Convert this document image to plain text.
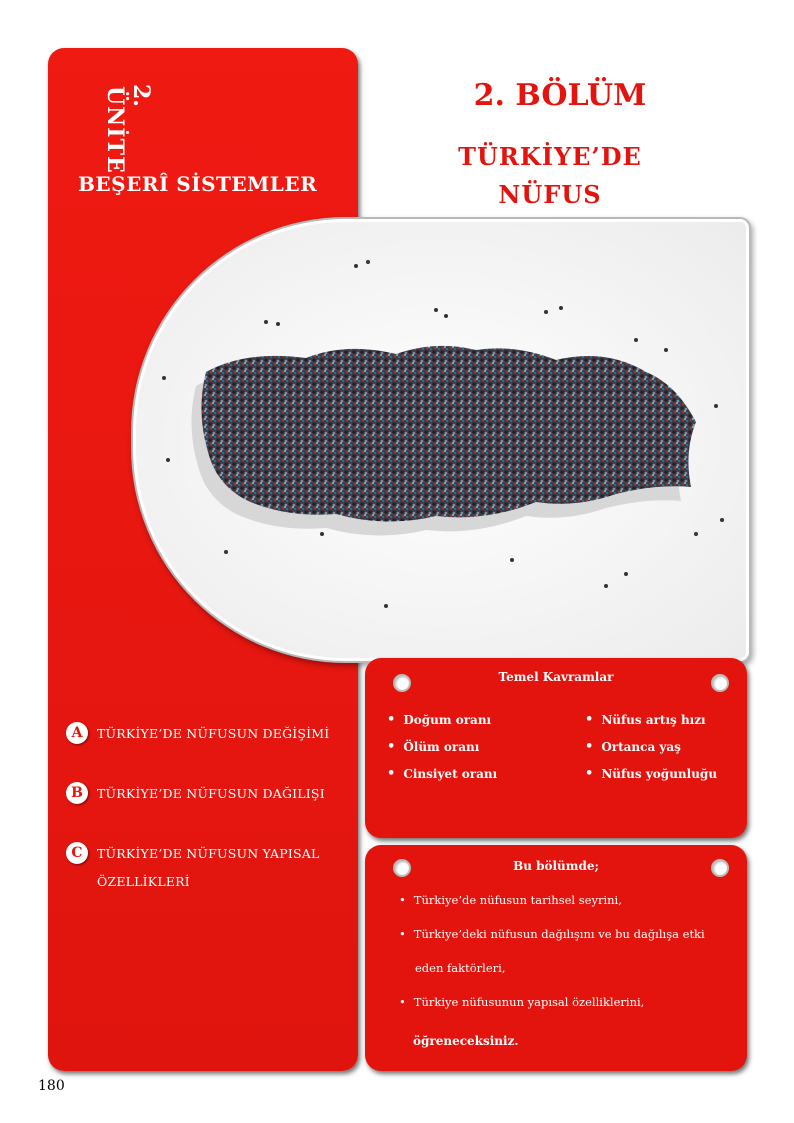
2.
ÜNİTE
BEŞERÎ SİSTEMLER
2. BÖLÜM
TÜRKİYE’DE
NÜFUS
A	TÜRKİYE’DE NÜFUSUN DEĞİŞİMİ
B	TÜRKİYE’DE NÜFUSUN DAĞILIŞI
C	TÜRKİYE’DE NÜFUSUN YAPISAL
ÖZELLİKLERİ
Temel Kavramlar
• Doğum oranı
• Ölüm oranı
• Cinsiyet oranı
• Nüfus artış hızı
• Ortanca yaş
• Nüfus yoğunluğu
Bu bölümde;
• Türkiye’de nüfusun tarihsel seyrini,
• Türkiye’deki nüfusun dağılışını ve bu dağılışa etki
eden faktörleri,
• Türkiye nüfusunun yapısal özelliklerini,
öğreneceksiniz.
180
